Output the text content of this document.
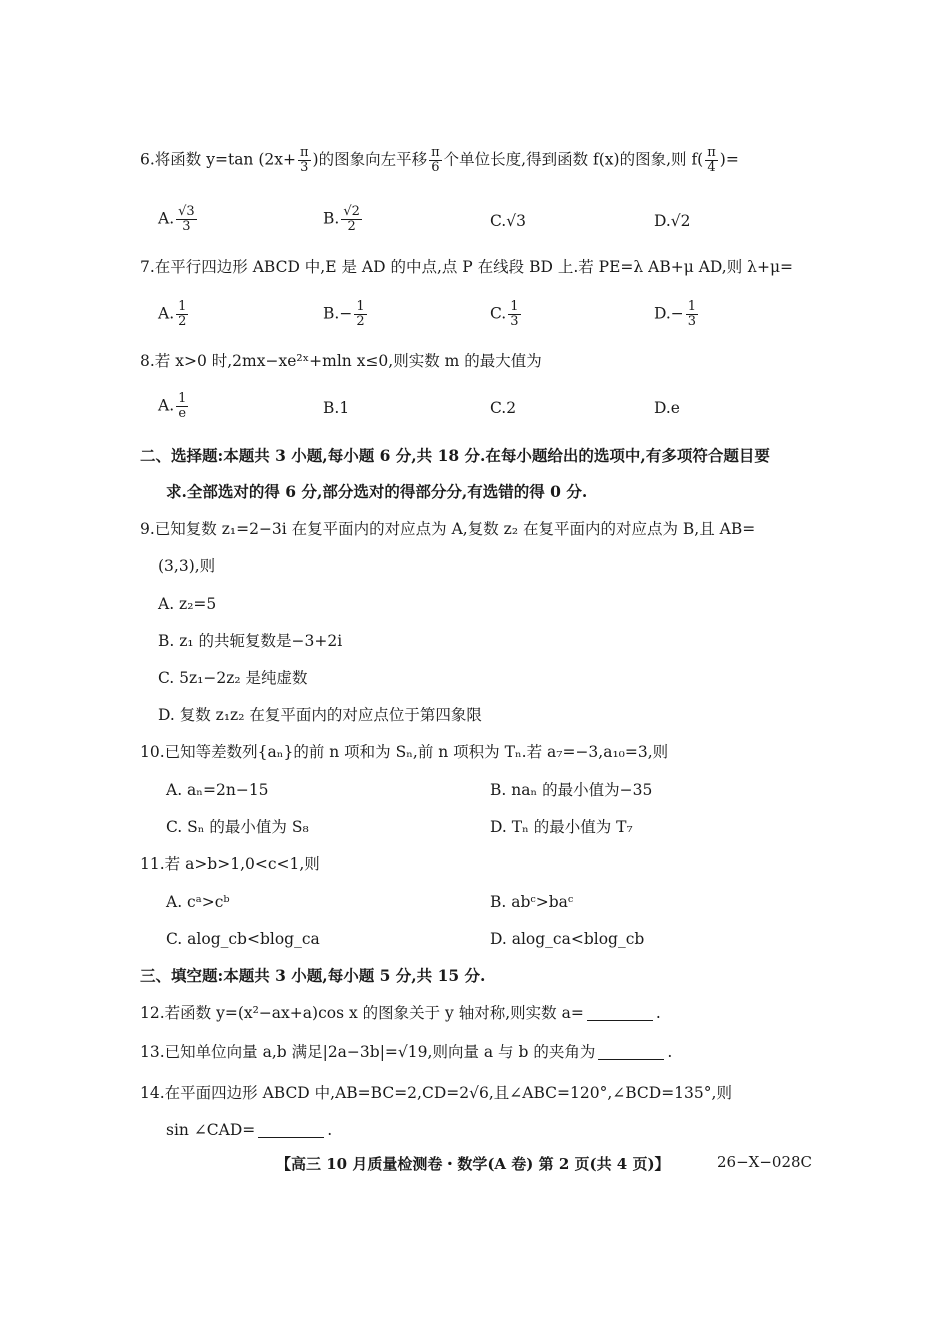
6.将函数 y=tan ($2x+ \frac{\pi}{3}$ )的图象向左平移 $\frac{\pi}{6}$ 个单位长度,得到函数 f(x)的图象,则 $f( \frac{\pi}{4}$ )=
A. $\frac{√3}{3}$	B. $\frac{√2}{2}$	C.√3	D.√2
7.在平行四边形 ABCD 中,E 是 AD 的中点,点 P 在线段 BD 上.若 PE=λ AB+μ AD,则 λ+μ=
A. $\frac{1}{2}$	$B.- \frac{1}{2}$	C. $\frac{1}{3}$	$D.- \frac{1}{3}$
8.若 x>0 时,2mx−xe²ˣ+mln x≤0,则实数 m 的最大值为
A. $\frac{1}{e}$	B.1	C.2	D.e
二、选择题:本题共 3 小题,每小题 6 分,共 18 分.在每小题给出的选项中,有多项符合题目要
求.全部选对的得 6 分,部分选对的得部分分,有选错的得 0 分.
9.已知复数 z₁=2−3i 在复平面内的对应点为 A,复数 z₂ 在复平面内的对应点为 B,且 AB=
(3,3),则
A. z₂=5
B. z₁ 的共轭复数是−3+2i
C. 5z₁−2z₂ 是纯虚数
D. 复数 z₁z₂ 在复平面内的对应点位于第四象限
10.已知等差数列{aₙ}的前 n 项和为 Sₙ,前 n 项积为 Tₙ.若 a₇=−3,a₁₀=3,则
A. aₙ=2n−15	B. naₙ 的最小值为−35
C. Sₙ 的最小值为 S₈	D. Tₙ 的最小值为 T₇
11.若 a>b>1,0<c<1,则
A. cᵃ>cᵇ	B. abᶜ>baᶜ
C. alog_cb<blog_ca	D. alog_ca<blog_cb
三、填空题:本题共 3 小题,每小题 5 分,共 15 分.
12.若函数 y=(x²−ax+a)cos x 的图象关于 y 轴对称,则实数 a=	.
13.已知单位向量 a,b 满足|2a−3b|=√19,则向量 a 与 b 的夹角为	.
14.在平面四边形 ABCD 中,AB=BC=2,CD=2√6,且∠ABC=120°,∠BCD=135°,则
sin ∠CAD=	.
【高三 10 月质量检测卷・数学(A 卷) 第 2 页(共 4 页)】	26−X−028C
